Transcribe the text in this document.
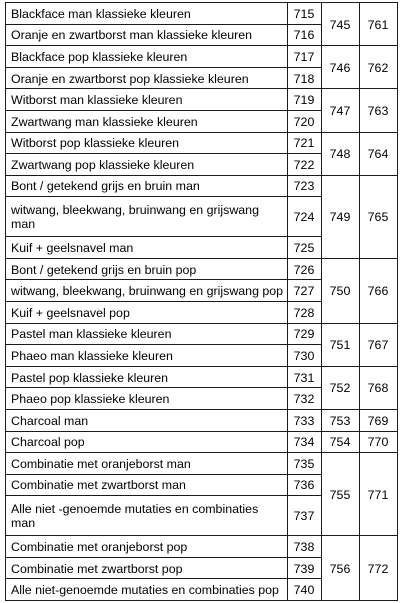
Blackface man klassieke kleuren	715
Oranje en zwartborst man klassieke kleuren	716
745	761
Blackface pop klassieke kleuren	717
Oranje en zwartborst pop klassieke kleuren	718
746	762
Witborst man klassieke kleuren	719
Zwartwang man klassieke kleuren	720
747	763
Witborst pop klassieke kleuren	721
Zwartwang pop klassieke kleuren	722
748	764
Bont / getekend grijs en bruin man	723
witwang, bleekwang, bruinwang en grijswang
man	724
Kuif + geelsnavel man	725
749	765
Bont / getekend grijs en bruin pop	726
witwang, bleekwang, bruinwang en grijswang pop 727
Kuif + geelsnavel pop	728
750	766
Pastel man klassieke kleuren	729
Phaeo man klassieke kleuren	730
751	767
Pastel pop klassieke kleuren	731
Phaeo pop klassieke kleuren	732
752	768
Charcoal man	733	753	769
Charcoal pop	734	754	770
Combinatie met oranjeborst man	735
Combinatie met zwartborst man	736
Alle niet -genoemde mutaties en combinaties
man	737
755	771
Combinatie met oranjeborst pop	738
Combinatie met zwartborst pop	739
Alle niet-genoemde mutaties en combinaties pop	740
756	772
